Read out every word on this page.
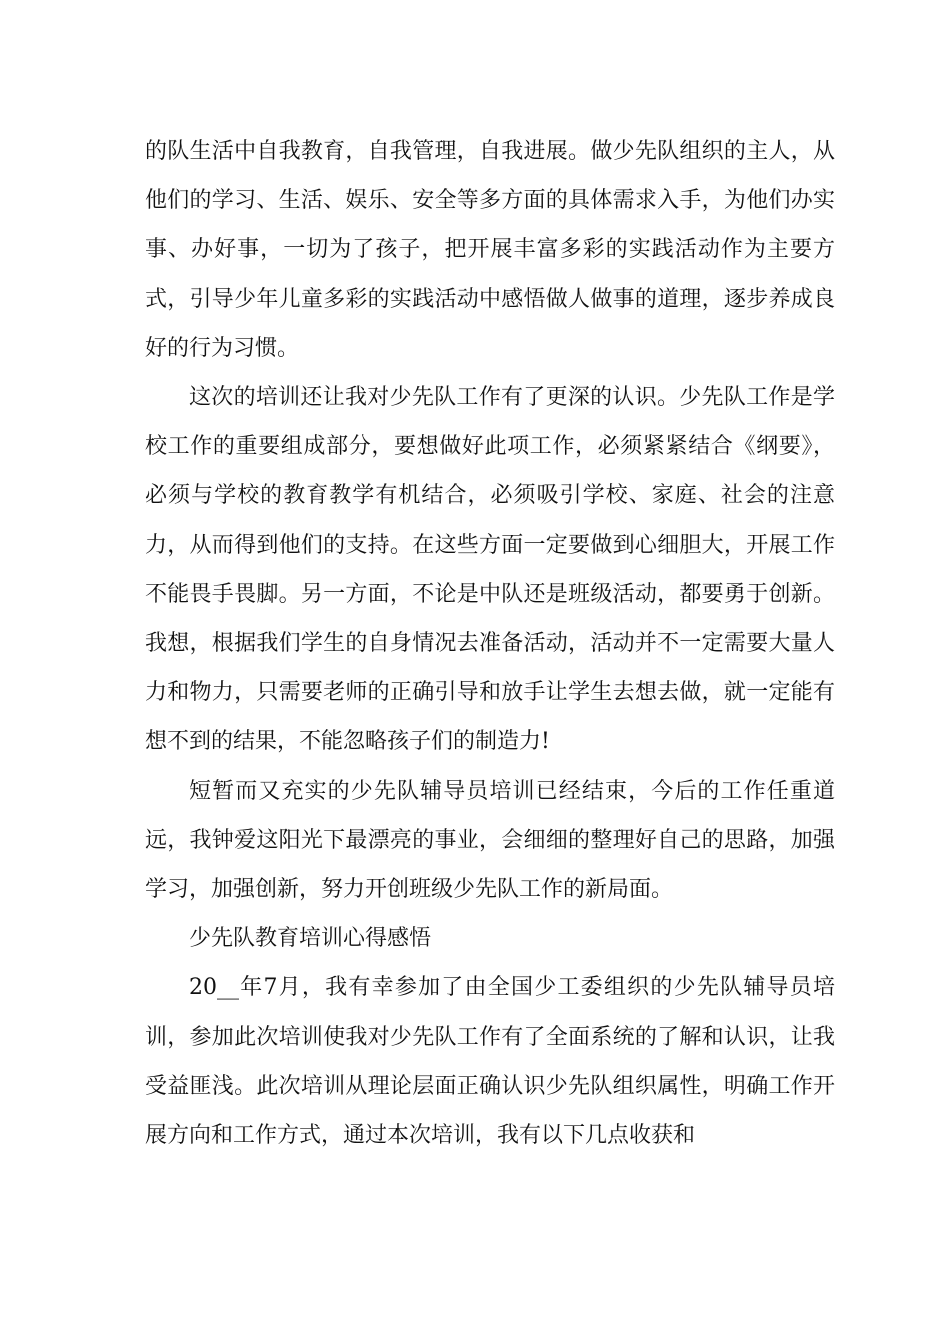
的队生活中自我教育，自我管理，自我进展。做少先队组织的主人，从他们的学习、生活、娱乐、安全等多方面的具体需求入手，为他们办实事、办好事，一切为了孩子，把开展丰富多彩的实践活动作为主要方式，引导少年儿童多彩的实践活动中感悟做人做事的道理，逐步养成良好的行为习惯。

这次的培训还让我对少先队工作有了更深的认识。少先队工作是学校工作的重要组成部分，要想做好此项工作，必须紧紧结合《纲要》，必须与学校的教育教学有机结合，必须吸引学校、家庭、社会的注意力，从而得到他们的支持。在这些方面一定要做到心细胆大，开展工作不能畏手畏脚。另一方面，不论是中队还是班级活动，都要勇于创新。我想，根据我们学生的自身情况去准备活动，活动并不一定需要大量人力和物力，只需要老师的正确引导和放手让学生去想去做，就一定能有想不到的结果，不能忽略孩子们的制造力!

短暂而又充实的少先队辅导员培训已经结束，今后的工作任重道远，我钟爱这阳光下最漂亮的事业，会细细的整理好自己的思路，加强学习，加强创新，努力开创班级少先队工作的新局面。

少先队教育培训心得感悟

20__年7月，我有幸参加了由全国少工委组织的少先队辅导员培训，参加此次培训使我对少先队工作有了全面系统的了解和认识，让我受益匪浅。此次培训从理论层面正确认识少先队组织属性，明确工作开展方向和工作方式，通过本次培训，我有以下几点收获和
